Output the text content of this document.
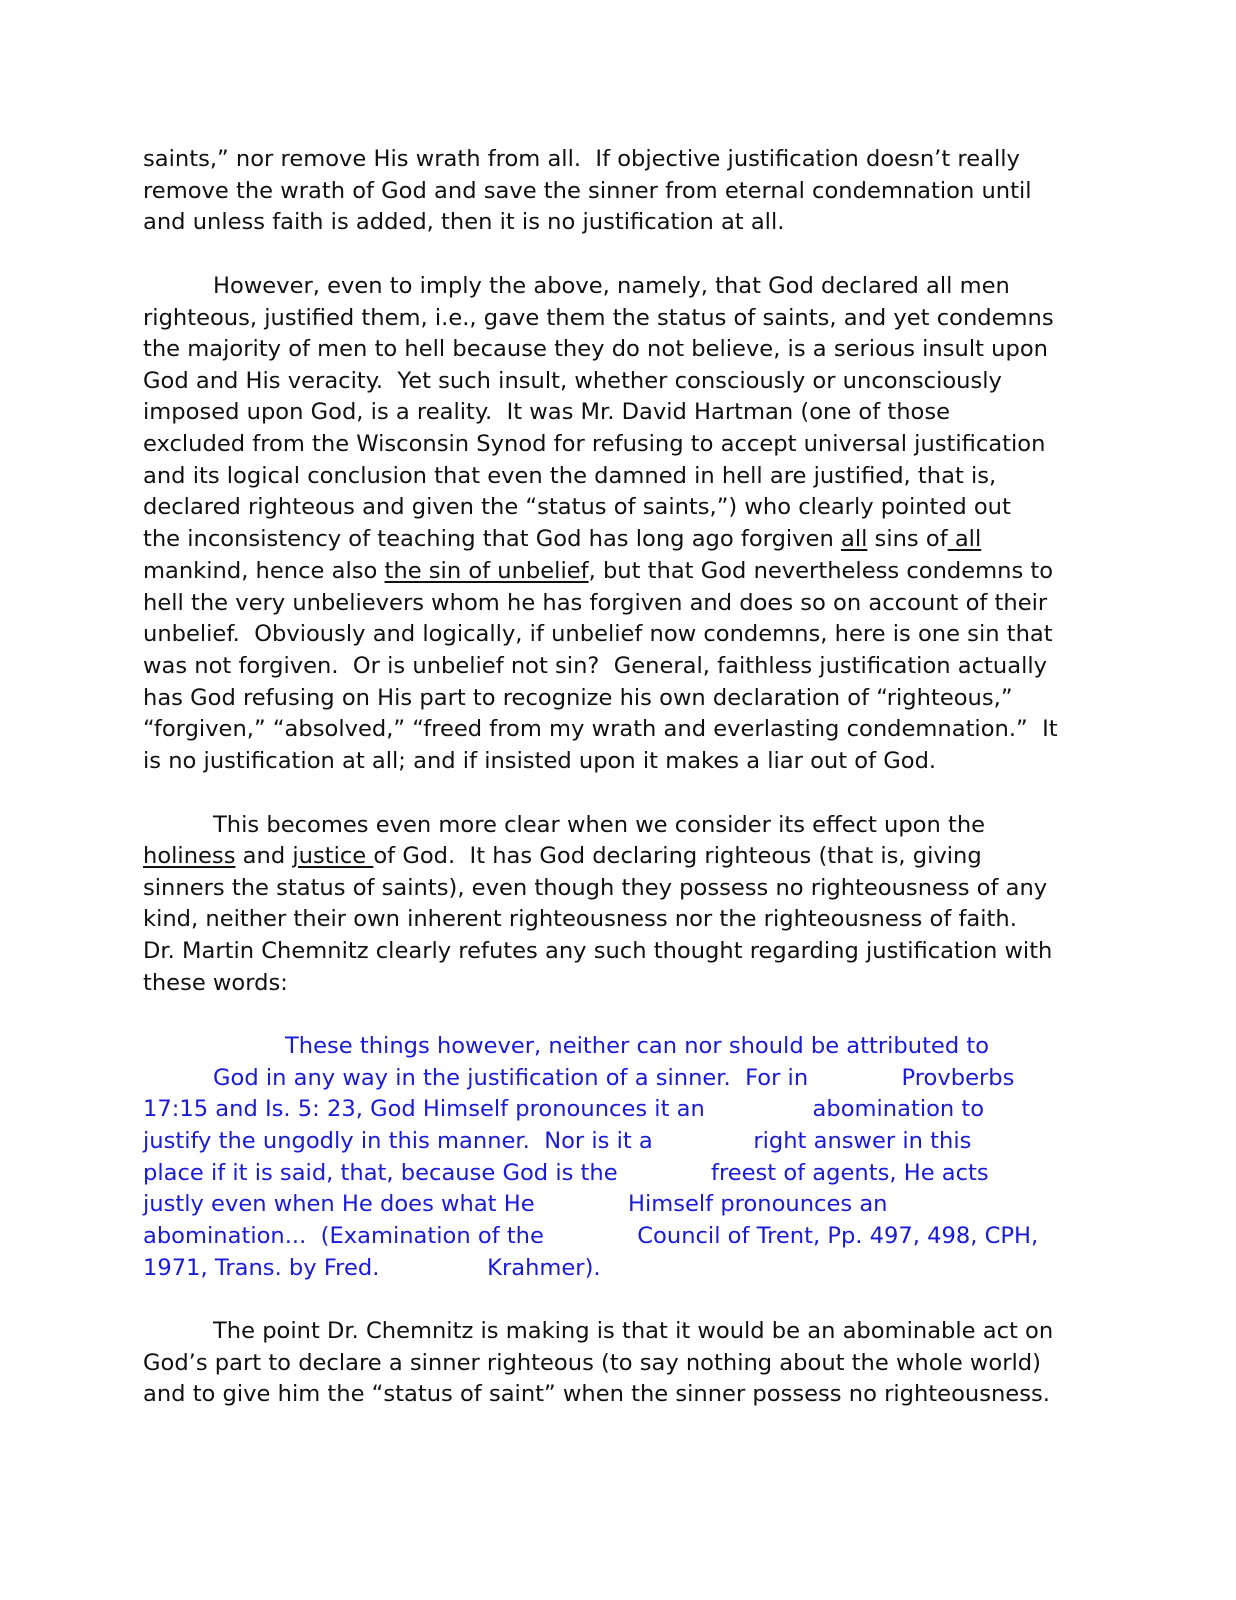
saints,” nor remove His wrath from all.  If objective justification doesn’t really
remove the wrath of God and save the sinner from eternal condemnation until
and unless faith is added, then it is no justification at all.
However, even to imply the above, namely, that God declared all men
righteous, justified them, i.e., gave them the status of saints, and yet condemns
the majority of men to hell because they do not believe, is a serious insult upon
God and His veracity.  Yet such insult, whether consciously or unconsciously
imposed upon God, is a reality.  It was Mr. David Hartman (one of those
excluded from the Wisconsin Synod for refusing to accept universal justification
and its logical conclusion that even the damned in hell are justified, that is,
declared righteous and given the “status of saints,”) who clearly pointed out
the inconsistency of teaching that God has long ago forgiven all sins of all
mankind, hence also the sin of unbelief, but that God nevertheless condemns to
hell the very unbelievers whom he has forgiven and does so on account of their
unbelief.  Obviously and logically, if unbelief now condemns, here is one sin that
was not forgiven.  Or is unbelief not sin?  General, faithless justification actually
has God refusing on His part to recognize his own declaration of “righteous,”
“forgiven,” “absolved,” “freed from my wrath and everlasting condemnation.”  It
is no justification at all; and if insisted upon it makes a liar out of God.
This becomes even more clear when we consider its effect upon the
holiness and justice of God.  It has God declaring righteous (that is, giving
sinners the status of saints), even though they possess no righteousness of any
kind, neither their own inherent righteousness nor the righteousness of faith.
Dr. Martin Chemnitz clearly refutes any such thought regarding justification with
these words:
These things however, neither can nor should be attributed to
God in any way in the justification of a sinner.  For in             Provberbs
17:15 and Is. 5: 23, God Himself pronounces it an               abomination to
justify the ungodly in this manner.  Nor is it a              right answer in this
place if it is said, that, because God is the             freest of agents, He acts
justly even when He does what He             Himself pronounces an
abomination...  (Examination of the             Council of Trent, Pp. 497, 498, CPH,
1971, Trans. by Fred.               Krahmer).
The point Dr. Chemnitz is making is that it would be an abominable act on
God’s part to declare a sinner righteous (to say nothing about the whole world)
and to give him the “status of saint” when the sinner possess no righteousness.
